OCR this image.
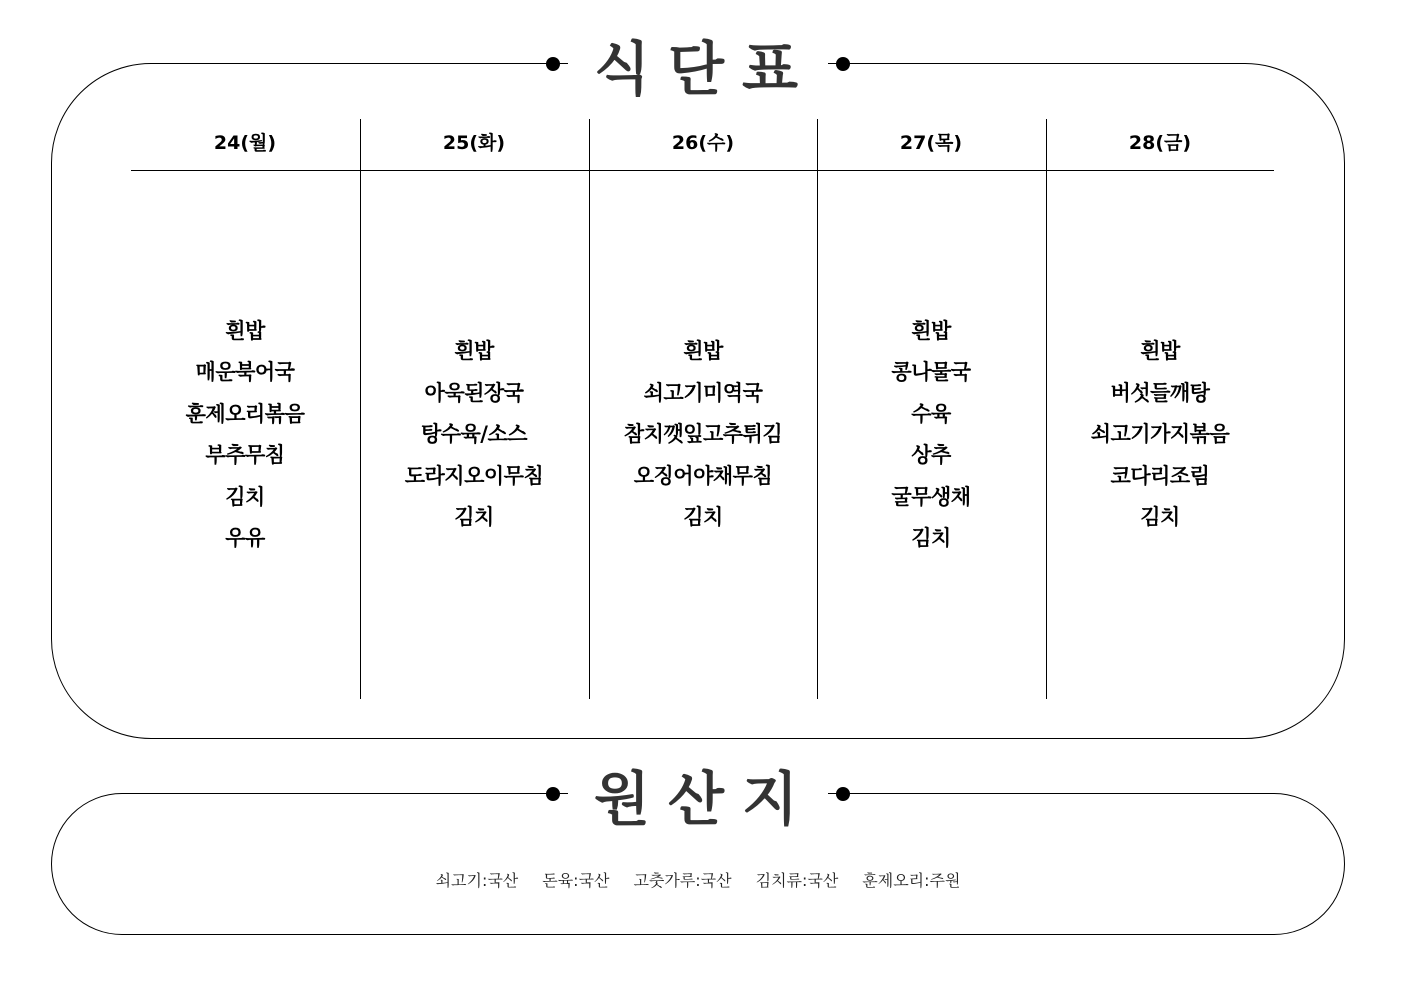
식단표
24(월)
흰밥
매운북어국
훈제오리볶음
부추무침
김치
우유
25(화)
흰밥
아욱된장국
탕수육/소스
도라지오이무침
김치
26(수)
흰밥
쇠고기미역국
참치깻잎고추튀김
오징어야채무침
김치
27(목)
흰밥
콩나물국
수육
상추
굴무생채
김치
28(금)
흰밥
버섯들깨탕
쇠고기가지볶음
코다리조림
김치
원산지
쇠고기:국산 돈육:국산 고춧가루:국산 김치류:국산 훈제오리:주원
